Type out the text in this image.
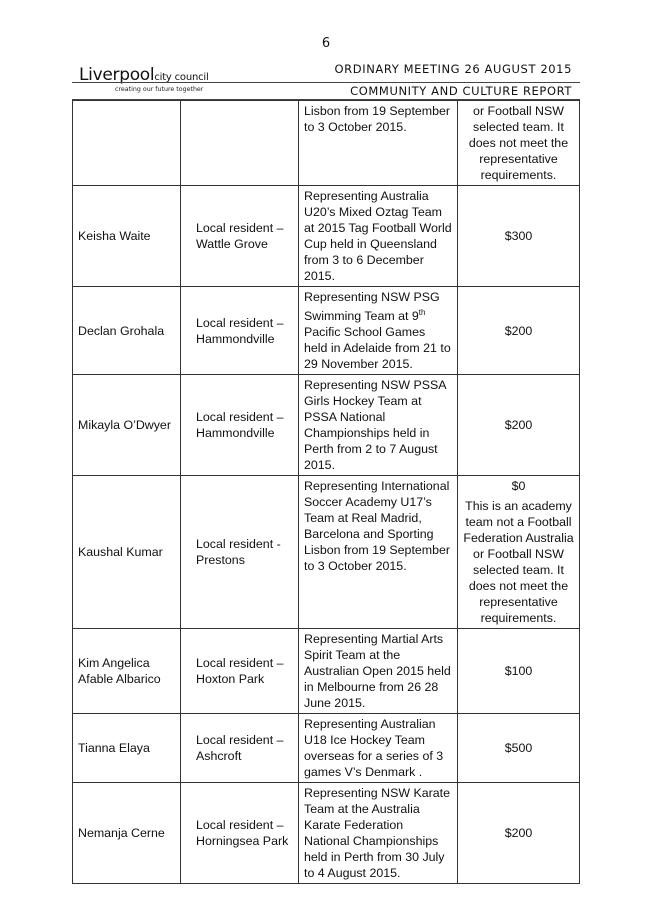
6
Liverpoolcity council
creating our future together
ORDINARY MEETING 26 AUGUST 2015
COMMUNITY AND CULTURE REPORT
		Lisbon from 19 September to 3 October 2015.	or Football NSW selected team. It does not meet the representative requirements.
Keisha Waite	Local resident – Wattle Grove	Representing Australia U20’s Mixed Oztag Team at 2015 Tag Football World Cup held in Queensland from 3 to 6 December 2015.	$300
Declan Grohala	Local resident – Hammondville	Representing NSW PSG Swimming Team at 9th Pacific School Games held in Adelaide from 21 to 29 November 2015.	$200
Mikayla O’Dwyer	Local resident – Hammondville	Representing NSW PSSA Girls Hockey Team at PSSA National Championships held in Perth from 2 to 7 August 2015.	$200
Kaushal Kumar	Local resident - Prestons	Representing International Soccer Academy U17’s Team at Real Madrid, Barcelona and Sporting Lisbon from 19 September to 3 October 2015.	$0
This is an academy team not a Football Federation Australia or Football NSW selected team. It does not meet the representative requirements.

Kim Angelica Afable Albarico	Local resident – Hoxton Park	Representing Martial Arts Spirit Team at the Australian Open 2015 held in Melbourne from 26 28 June 2015.	$100
Tianna Elaya	Local resident – Ashcroft	Representing Australian U18 Ice Hockey Team overseas for a series of 3 games V’s Denmark .	$500
Nemanja Cerne	Local resident – Horningsea Park	Representing NSW Karate Team at the Australia Karate Federation National Championships held in Perth from 30 July to 4 August 2015.	$200
